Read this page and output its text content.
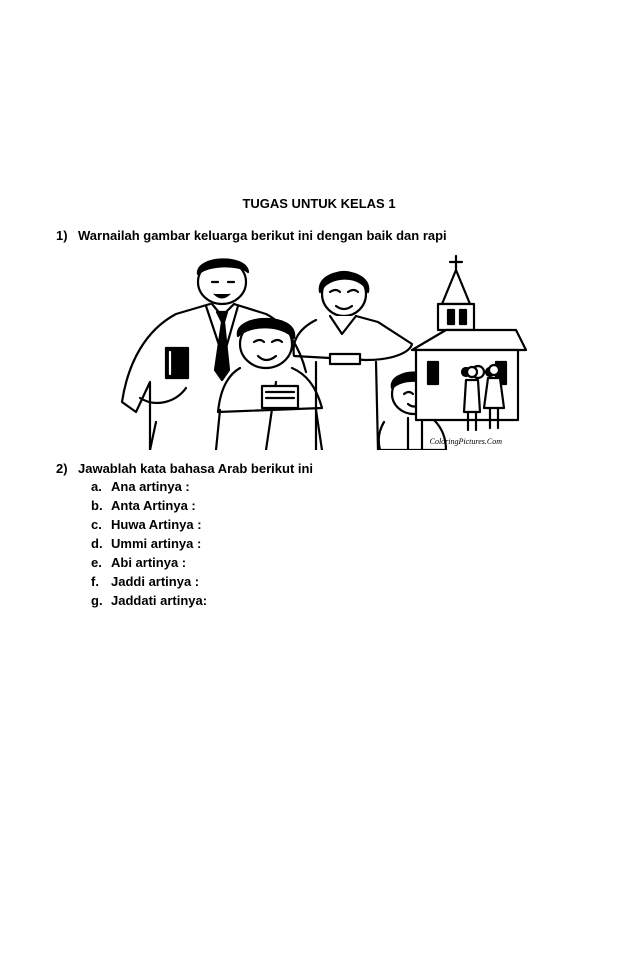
TUGAS UNTUK KELAS 1
1) Warnailah gambar keluarga berikut ini dengan baik dan rapi
ColoringPictures.Com
2) Jawablah kata bahasa Arab berikut ini
a. Ana artinya :
b. Anta Artinya :
c. Huwa Artinya :
d. Ummi artinya :
e. Abi artinya :
f. Jaddi artinya :
g. Jaddati artinya:
